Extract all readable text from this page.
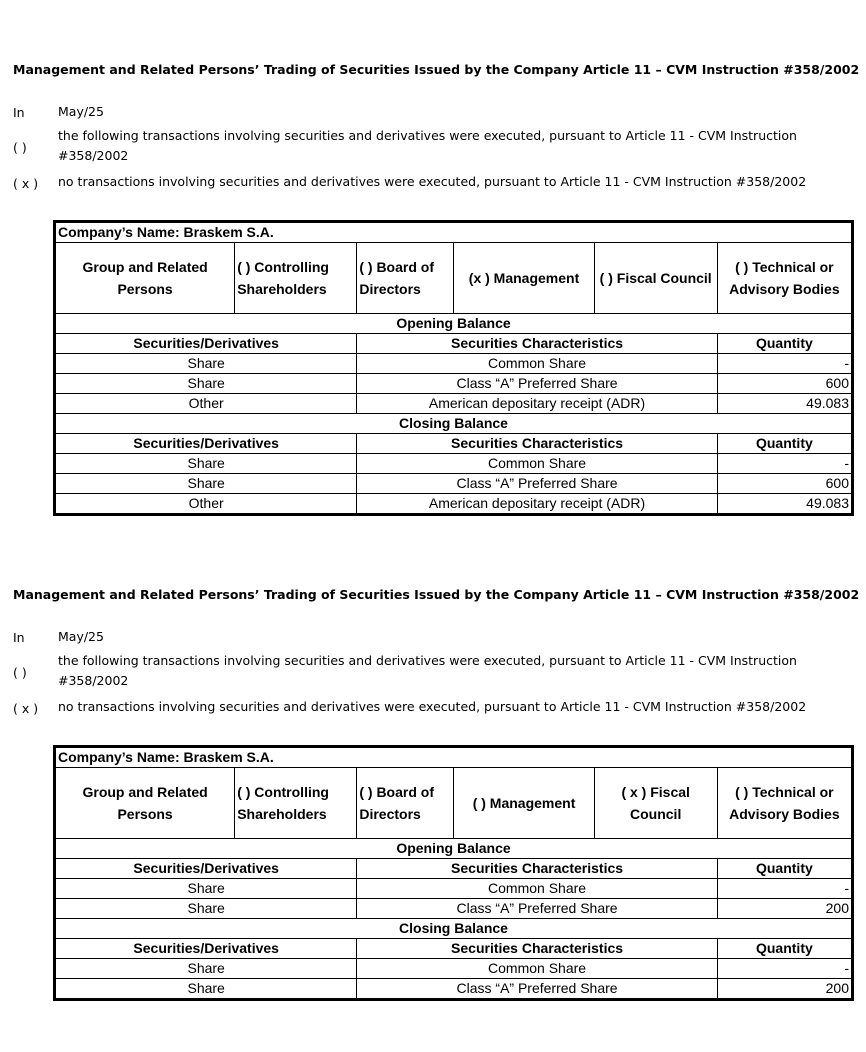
Management and Related Persons’ Trading of Securities Issued by the Company Article 11 – CVM Instruction #358/2002
In	May/25
( )
the following transactions involving securities and derivatives were executed, pursuant to Article 11 - CVM Instruction #358/2002
( x ) no transactions involving securities and derivatives were executed, pursuant to Article 11 - CVM Instruction #358/2002
Company’s Name: Braskem S.A.					
Group and Related Persons	( ) Controlling Shareholders	( ) Board of Directors	(x ) Management	( ) Fiscal Council	( ) Technical or Advisory Bodies
Opening Balance					
Securities/Derivatives		Securities Characteristics			Quantity
Share		Common Share			-
Share		Class “A” Preferred Share			600
Other		American depositary receipt (ADR)			49.083
Closing Balance					
Securities/Derivatives		Securities Characteristics			Quantity
Share		Common Share			-
Share		Class “A” Preferred Share			600
Other		American depositary receipt (ADR)			49.083
Management and Related Persons’ Trading of Securities Issued by the Company Article 11 – CVM Instruction #358/2002
In	May/25
( )
the following transactions involving securities and derivatives were executed, pursuant to Article 11 - CVM Instruction #358/2002
( x ) no transactions involving securities and derivatives were executed, pursuant to Article 11 - CVM Instruction #358/2002
Company’s Name: Braskem S.A.					
Group and Related Persons	( ) Controlling Shareholders	( ) Board of Directors	( ) Management	( x ) Fiscal Council	( ) Technical or Advisory Bodies
Opening Balance					
Securities/Derivatives		Securities Characteristics			Quantity
Share		Common Share			-
Share		Class “A” Preferred Share			200
Closing Balance					
Securities/Derivatives		Securities Characteristics			Quantity
Share		Common Share			-
Share		Class “A” Preferred Share			200
